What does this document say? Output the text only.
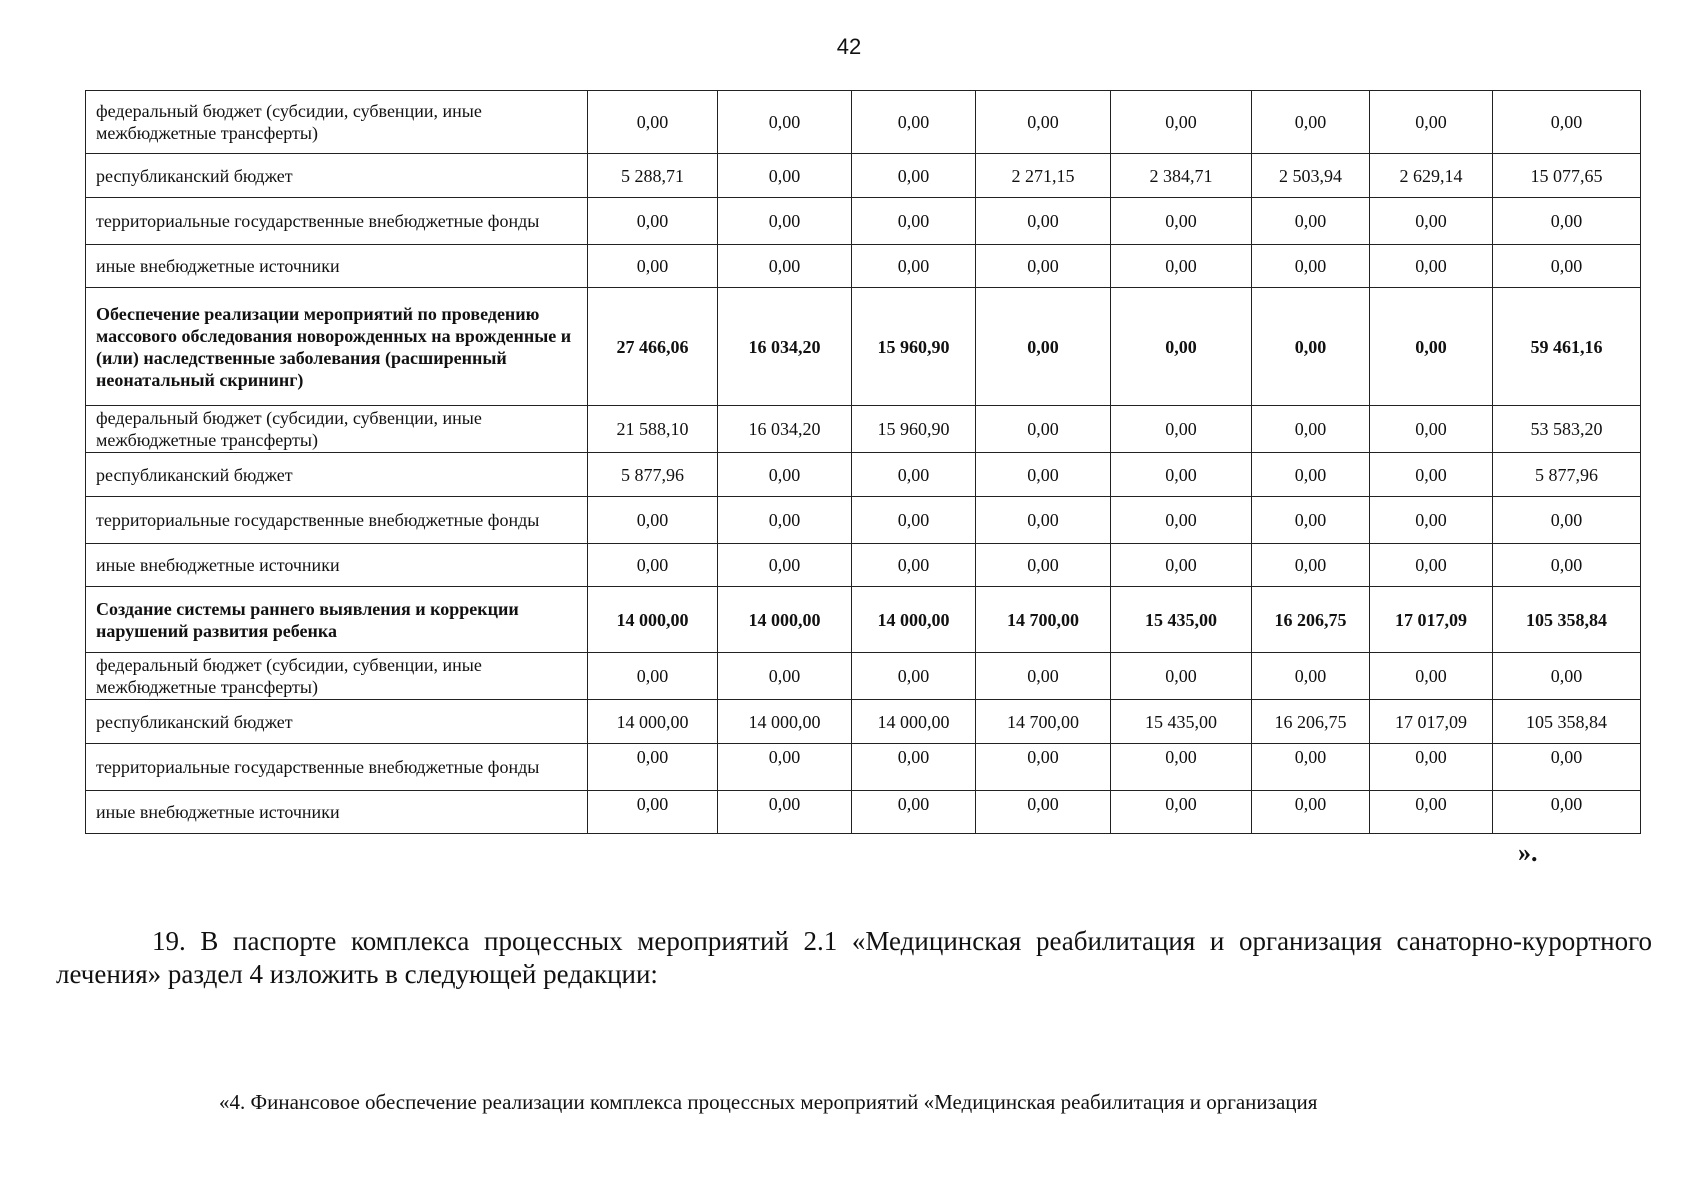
42
федеральный бюджет (субсидии, субвенции, иные межбюджетные трансферты)	0,00	0,00	0,00	0,00	0,00	0,00	0,00	0,00
республиканский бюджет	5 288,71	0,00	0,00	2 271,15	2 384,71	2 503,94	2 629,14	15 077,65
территориальные государственные внебюджетные фонды	0,00	0,00	0,00	0,00	0,00	0,00	0,00	0,00
иные внебюджетные источники	0,00	0,00	0,00	0,00	0,00	0,00	0,00	0,00
Обеспечение реализации мероприятий по проведению массового обследования новорожденных на врожденные и (или) наследственные заболевания (расширенный неонатальный скрининг)	27 466,06	16 034,20	15 960,90	0,00	0,00	0,00	0,00	59 461,16
федеральный бюджет (субсидии, субвенции, иные межбюджетные трансферты)	21 588,10	16 034,20	15 960,90	0,00	0,00	0,00	0,00	53 583,20
республиканский бюджет	5 877,96	0,00	0,00	0,00	0,00	0,00	0,00	5 877,96
территориальные государственные внебюджетные фонды	0,00	0,00	0,00	0,00	0,00	0,00	0,00	0,00
иные внебюджетные источники	0,00	0,00	0,00	0,00	0,00	0,00	0,00	0,00
Создание системы раннего выявления и коррекции нарушений развития ребенка	14 000,00	14 000,00	14 000,00	14 700,00	15 435,00	16 206,75	17 017,09	105 358,84
федеральный бюджет (субсидии, субвенции, иные межбюджетные трансферты)	0,00	0,00	0,00	0,00	0,00	0,00	0,00	0,00
республиканский бюджет	14 000,00	14 000,00	14 000,00	14 700,00	15 435,00	16 206,75	17 017,09	105 358,84
территориальные государственные внебюджетные фонды	0,00	0,00	0,00	0,00	0,00	0,00	0,00	0,00
иные внебюджетные источники	0,00	0,00	0,00	0,00	0,00	0,00	0,00	0,00
».
19. В паспорте комплекса процессных мероприятий 2.1 «Медицинская реабилитация и организация санаторно-курортного лечения» раздел 4 изложить в следующей редакции:
«4. Финансовое обеспечение реализации комплекса процессных мероприятий «Медицинская реабилитация и организация
